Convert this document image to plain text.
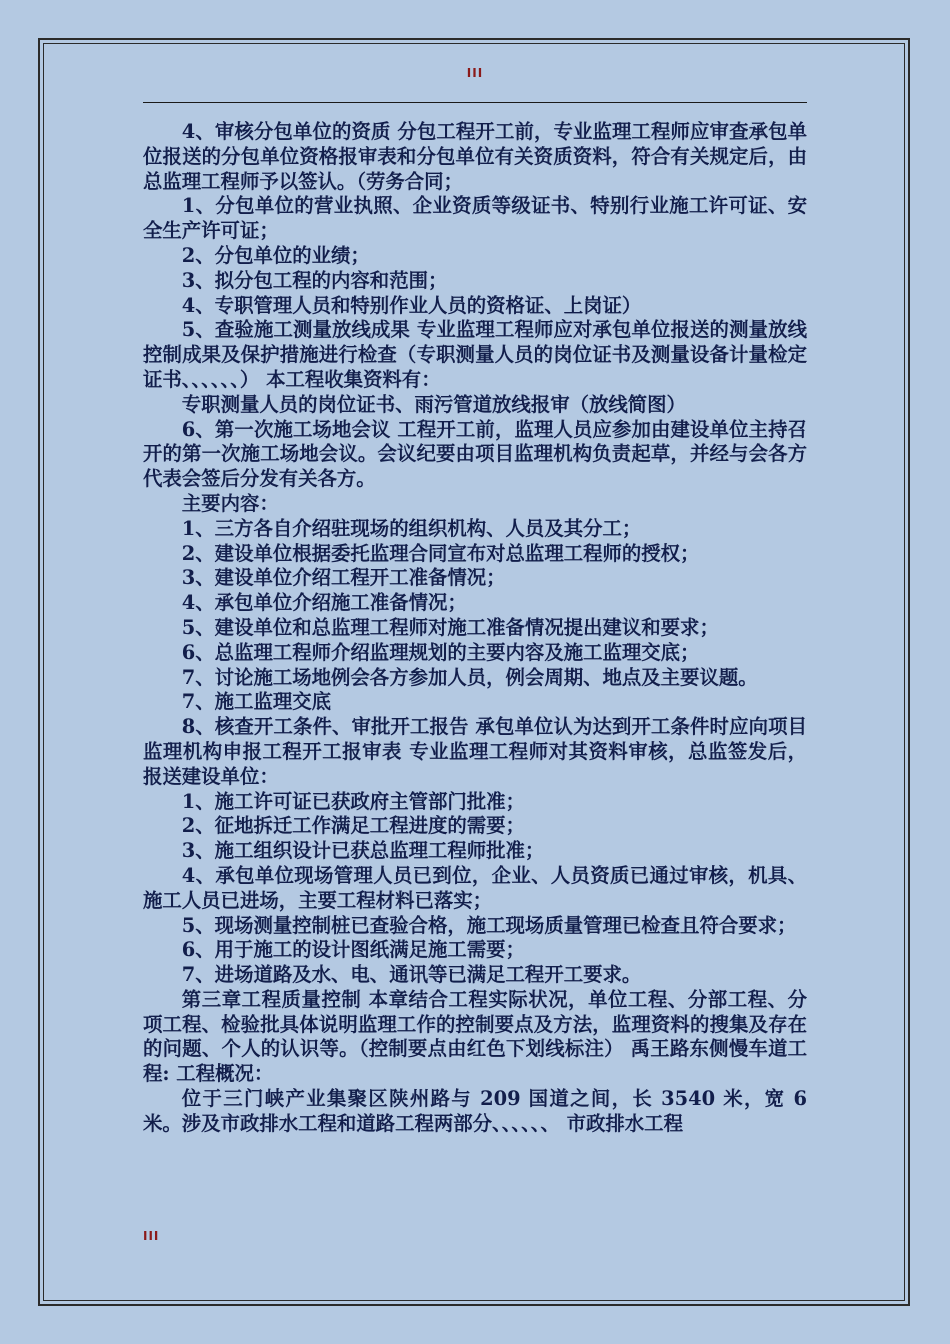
III

4、审核分包单位的资质 分包工程开工前，专业监理工程师应审查承包单位报送的分包单位资格报审表和分包单位有关资质资料，符合有关规定后，由总监理工程师予以签认。（劳务合同；

1、分包单位的营业执照、企业资质等级证书、特别行业施工许可证、安全生产许可证；

2、分包单位的业绩；

3、拟分包工程的内容和范围；

4、专职管理人员和特别作业人员的资格证、上岗证）

5、查验施工测量放线成果 专业监理工程师应对承包单位报送的测量放线控制成果及保护措施进行检查（专职测量人员的岗位证书及测量设备计量检定证书、、、、、、） 本工程收集资料有：

专职测量人员的岗位证书、雨污管道放线报审（放线简图）

6、第一次施工场地会议 工程开工前，监理人员应参加由建设单位主持召开的第一次施工场地会议。会议纪要由项目监理机构负责起草，并经与会各方代表会签后分发有关各方。

主要内容：

1、三方各自介绍驻现场的组织机构、人员及其分工；

2、建设单位根据委托监理合同宣布对总监理工程师的授权；

3、建设单位介绍工程开工准备情况；

4、承包单位介绍施工准备情况；

5、建设单位和总监理工程师对施工准备情况提出建议和要求；

6、总监理工程师介绍监理规划的主要内容及施工监理交底；

7、讨论施工场地例会各方参加人员，例会周期、地点及主要议题。

7、施工监理交底

8、核查开工条件、审批开工报告 承包单位认为达到开工条件时应向项目监理机构申报工程开工报审表 专业监理工程师对其资料审核，总监签发后，报送建设单位：

1、施工许可证已获政府主管部门批准；

2、征地拆迁工作满足工程进度的需要；

3、施工组织设计已获总监理工程师批准；

4、承包单位现场管理人员已到位，企业、人员资质已通过审核，机具、施工人员已进场，主要工程材料已落实；

5、现场测量控制桩已查验合格，施工现场质量管理已检查且符合要求；

6、用于施工的设计图纸满足施工需要；

7、进场道路及水、电、通讯等已满足工程开工要求。

第三章工程质量控制 本章结合工程实际状况，单位工程、分部工程、分项工程、检验批具体说明监理工作的控制要点及方法，监理资料的搜集及存在的问题、个人的认识等。（控制要点由红色下划线标注） 禹王路东侧慢车道工程: 工程概况：

位于三门峡产业集聚区陕州路与 209 国道之间，长 3540 米，宽 6 米。涉及市政排水工程和道路工程两部分、、、、、、 市政排水工程

III
